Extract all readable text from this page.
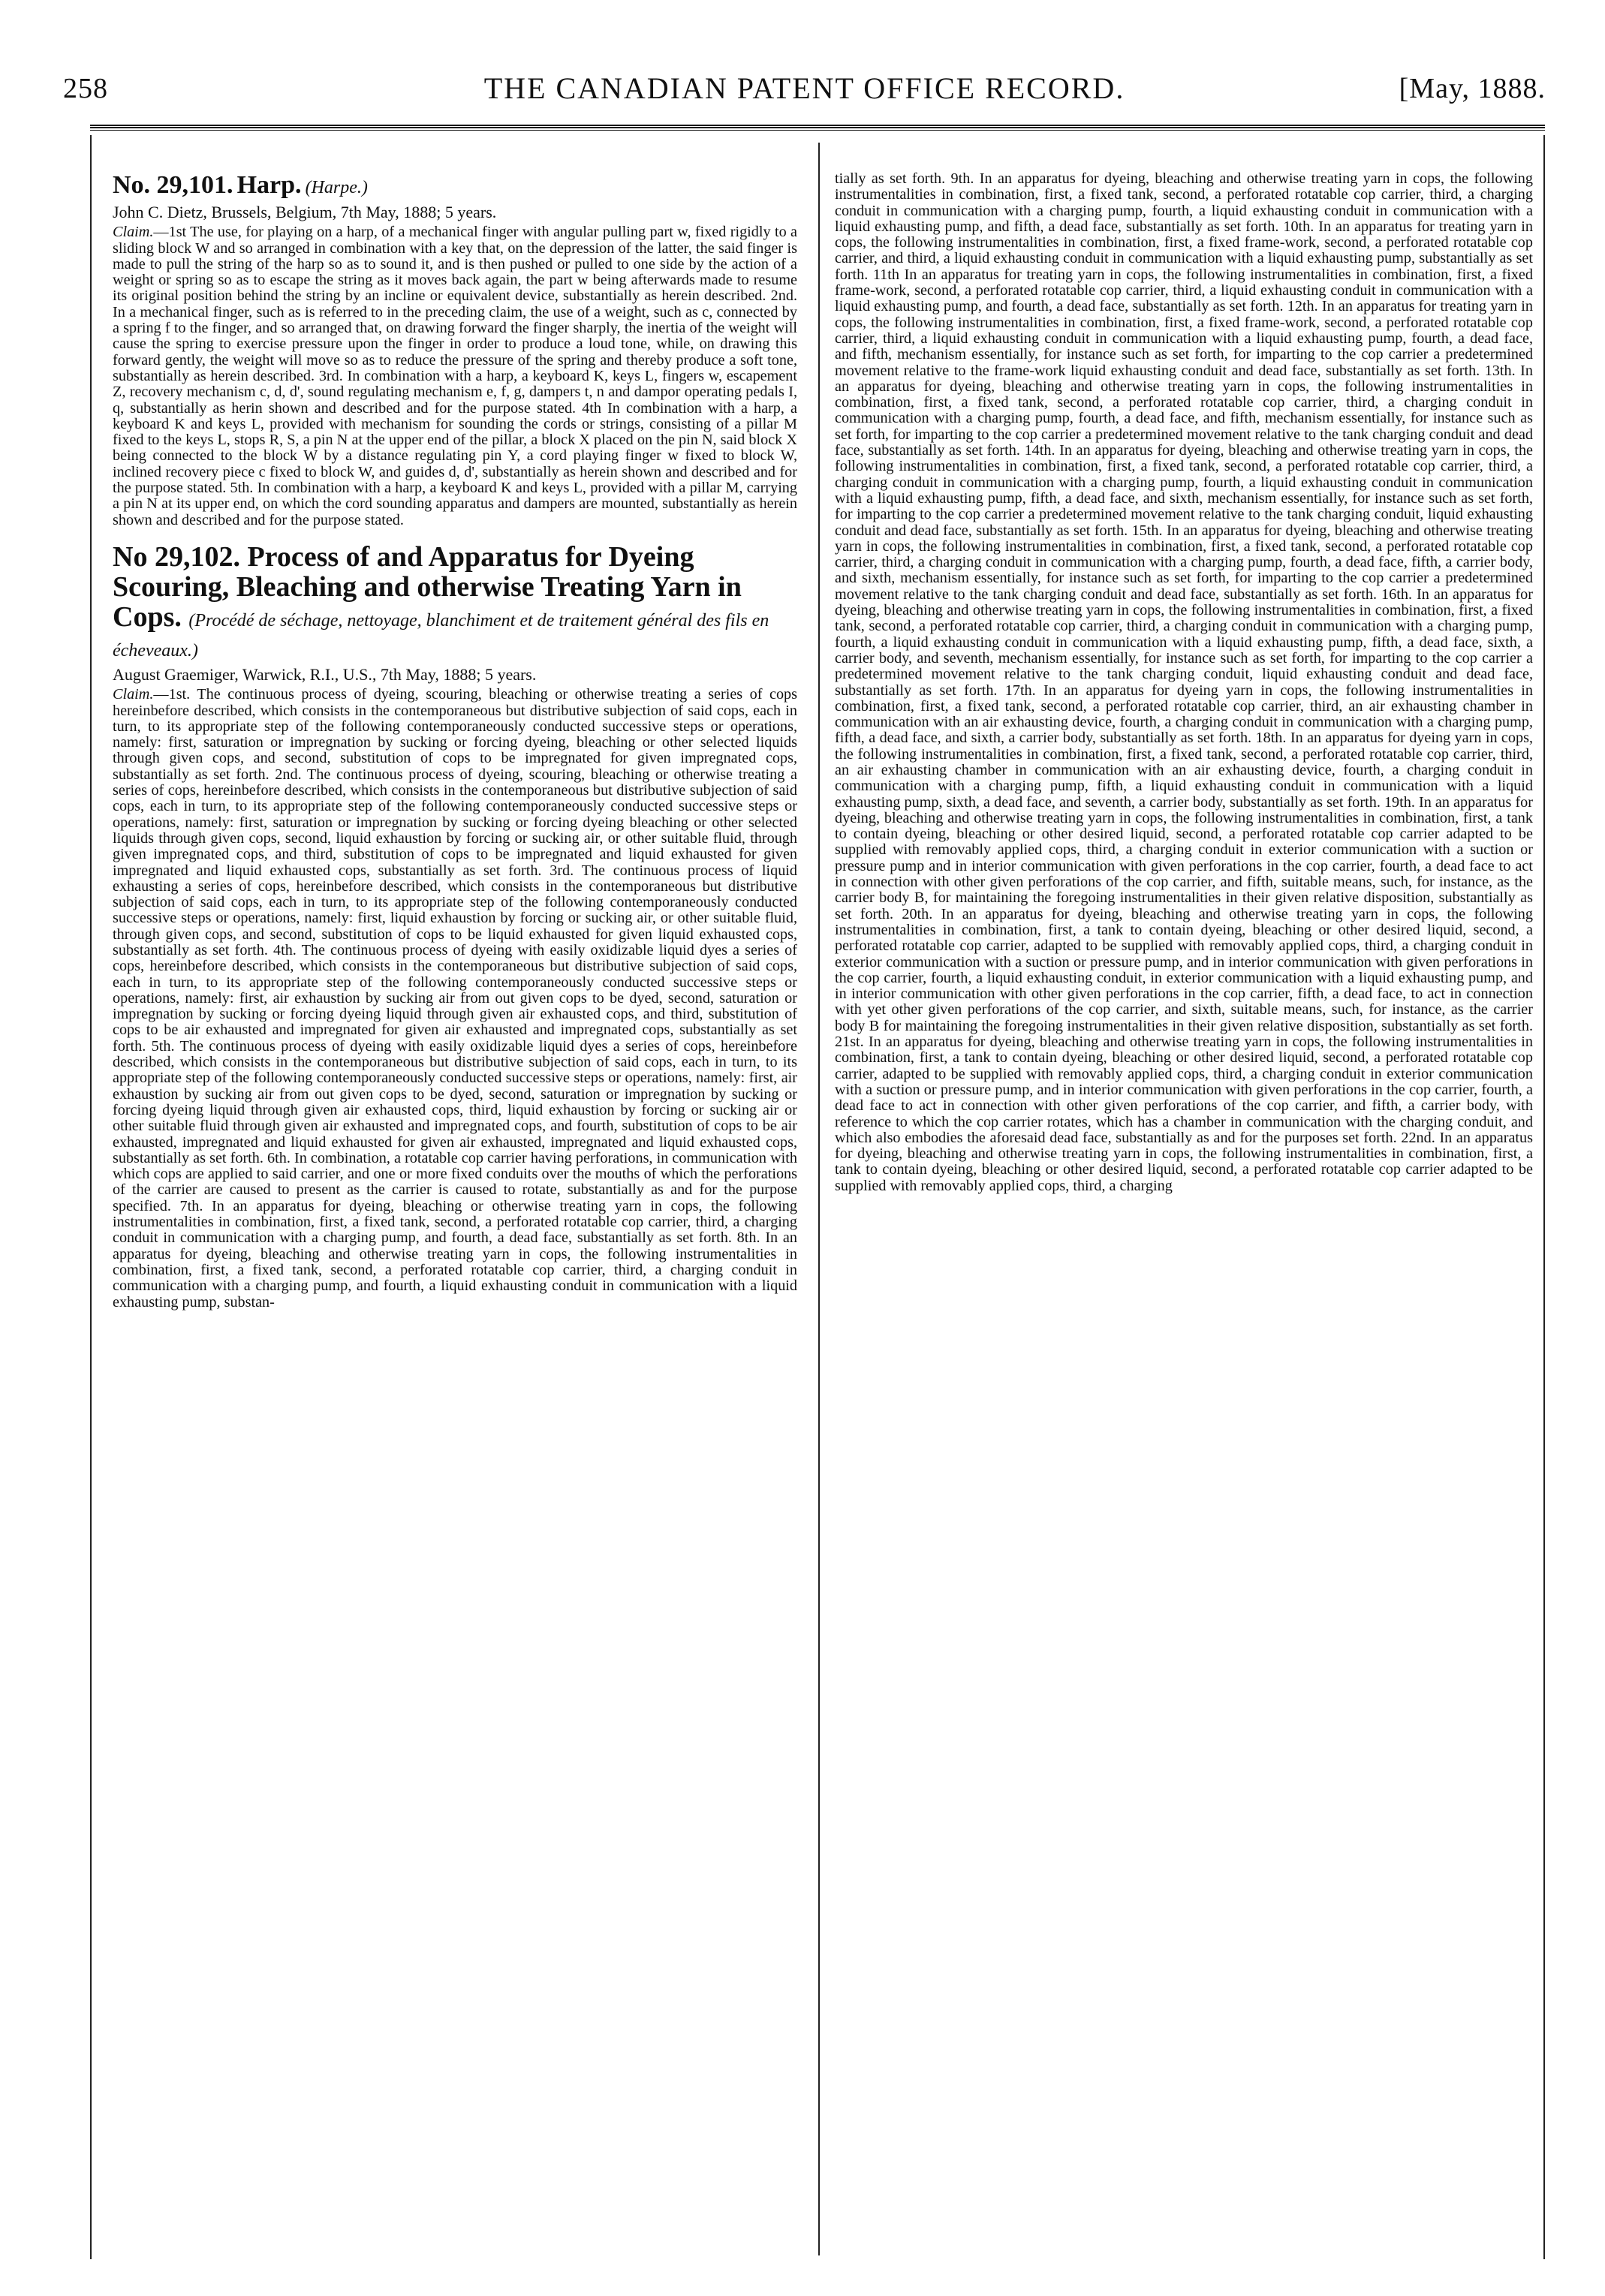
258	THE CANADIAN PATENT OFFICE RECORD.	[May, 1888.
No. 29,101. Harp. (Harpe.)

John C. Dietz, Brussels, Belgium, 7th May, 1888; 5 years.

Claim.—1st The use, for playing on a harp, of a mechanical finger with angular pulling part w, fixed rigidly to a sliding block W and so arranged in combination with a key that, on the depression of the latter, the said finger is made to pull the string of the harp so as to sound it, and is then pushed or pulled to one side by the action of a weight or spring so as to escape the string as it moves back again, the part w being afterwards made to resume its original position behind the string by an incline or equivalent device, substantially as herein described. 2nd. In a mechanical finger, such as is referred to in the preceding claim, the use of a weight, such as c, connected by a spring f to the finger, and so arranged that, on drawing forward the finger sharply, the inertia of the weight will cause the spring to exercise pressure upon the finger in order to produce a loud tone, while, on drawing this forward gently, the weight will move so as to reduce the pressure of the spring and thereby produce a soft tone, substantially as herein described. 3rd. In combination with a harp, a keyboard K, keys L, fingers w, escapement Z, recovery mechanism c, d, d', sound regulating mechanism e, f, g, dampers t, n and dampor operating pedals I, q, substantially as herin shown and described and for the purpose stated. 4th In combination with a harp, a keyboard K and keys L, provided with mechanism for sounding the cords or strings, consisting of a pillar M fixed to the keys L, stops R, S, a pin N at the upper end of the pillar, a block X placed on the pin N, said block X being connected to the block W by a distance regulating pin Y, a cord playing finger w fixed to block W, inclined recovery piece c fixed to block W, and guides d, d', substantially as herein shown and described and for the purpose stated. 5th. In combination with a harp, a keyboard K and keys L, provided with a pillar M, carrying a pin N at its upper end, on which the cord sounding apparatus and dampers are mounted, substantially as herein shown and described and for the purpose stated.

No 29,102. Process of and Apparatus for Dyeing Scouring, Bleaching and otherwise Treating Yarn in Cops. (Procédé de séchage, nettoyage, blanchiment et de traitement général des fils en écheveaux.)

August Graemiger, Warwick, R.I., U.S., 7th May, 1888; 5 years.

Claim.—1st. The continuous process of dyeing, scouring, bleaching or otherwise treating a series of cops hereinbefore described, which consists in the contemporaneous but distributive subjection of said cops, each in turn, to its appropriate step of the following contemporaneously conducted successive steps or operations, namely: first, saturation or impregnation by sucking or forcing dyeing, bleaching or other selected liquids through given cops, and second, substitution of cops to be impregnated for given impregnated cops, substantially as set forth. 2nd. The continuous process of dyeing, scouring, bleaching or otherwise treating a series of cops, hereinbefore described, which consists in the contemporaneous but distributive subjection of said cops, each in turn, to its appropriate step of the following contemporaneously conducted successive steps or operations, namely: first, saturation or impregnation by sucking or forcing dyeing bleaching or other selected liquids through given cops, second, liquid exhaustion by forcing or sucking air, or other suitable fluid, through given impregnated cops, and third, substitution of cops to be impregnated and liquid exhausted for given impregnated and liquid exhausted cops, substantially as set forth. 3rd. The continuous process of liquid exhausting a series of cops, hereinbefore described, which consists in the contemporaneous but distributive subjection of said cops, each in turn, to its appropriate step of the following contemporaneously conducted successive steps or operations, namely: first, liquid exhaustion by forcing or sucking air, or other suitable fluid, through given cops, and second, substitution of cops to be liquid exhausted for given liquid exhausted cops, substantially as set forth. 4th. The continuous process of dyeing with easily oxidizable liquid dyes a series of cops, hereinbefore described, which consists in the contemporaneous but distributive subjection of said cops, each in turn, to its appropriate step of the following contemporaneously conducted successive steps or operations, namely: first, air exhaustion by sucking air from out given cops to be dyed, second, saturation or impregnation by sucking or forcing dyeing liquid through given air exhausted cops, and third, substitution of cops to be air exhausted and impregnated for given air exhausted and impregnated cops, substantially as set forth. 5th. The continuous process of dyeing with easily oxidizable liquid dyes a series of cops, hereinbefore described, which consists in the contemporaneous but distributive subjection of said cops, each in turn, to its appropriate step of the following contemporaneously conducted successive steps or operations, namely: first, air exhaustion by sucking air from out given cops to be dyed, second, saturation or impregnation by sucking or forcing dyeing liquid through given air exhausted cops, third, liquid exhaustion by forcing or sucking air or other suitable fluid through given air exhausted and impregnated cops, and fourth, substitution of cops to be air exhausted, impregnated and liquid exhausted for given air exhausted, impregnated and liquid exhausted cops, substantially as set forth. 6th. In combination, a rotatable cop carrier having perforations, in communication with which cops are applied to said carrier, and one or more fixed conduits over the mouths of which the perforations of the carrier are caused to present as the carrier is caused to rotate, substantially as and for the purpose specified. 7th. In an apparatus for dyeing, bleaching or otherwise treating yarn in cops, the following instrumentalities in combination, first, a fixed tank, second, a perforated rotatable cop carrier, third, a charging conduit in communication with a charging pump, and fourth, a dead face, substantially as set forth. 8th. In an apparatus for dyeing, bleaching and otherwise treating yarn in cops, the following instrumentalities in combination, first, a fixed tank, second, a perforated rotatable cop carrier, third, a charging conduit in communication with a charging pump, and fourth, a liquid exhausting conduit in communication with a liquid exhausting pump, substan-

tially as set forth. 9th. In an apparatus for dyeing, bleaching and otherwise treating yarn in cops, the following instrumentalities in combination, first, a fixed tank, second, a perforated rotatable cop carrier, third, a charging conduit in communication with a charging pump, fourth, a liquid exhausting conduit in communication with a liquid exhausting pump, and fifth, a dead face, substantially as set forth. 10th. In an apparatus for treating yarn in cops, the following instrumentalities in combination, first, a fixed frame-work, second, a perforated rotatable cop carrier, and third, a liquid exhausting conduit in communication with a liquid exhausting pump, substantially as set forth. 11th In an apparatus for treating yarn in cops, the following instrumentalities in combination, first, a fixed frame-work, second, a perforated rotatable cop carrier, third, a liquid exhausting conduit in communication with a liquid exhausting pump, and fourth, a dead face, substantially as set forth. 12th. In an apparatus for treating yarn in cops, the following instrumentalities in combination, first, a fixed frame-work, second, a perforated rotatable cop carrier, third, a liquid exhausting conduit in communication with a liquid exhausting pump, fourth, a dead face, and fifth, mechanism essentially, for instance such as set forth, for imparting to the cop carrier a predetermined movement relative to the frame-work liquid exhausting conduit and dead face, substantially as set forth. 13th. In an apparatus for dyeing, bleaching and otherwise treating yarn in cops, the following instrumentalities in combination, first, a fixed tank, second, a perforated rotatable cop carrier, third, a charging conduit in communication with a charging pump, fourth, a dead face, and fifth, mechanism essentially, for instance such as set forth, for imparting to the cop carrier a predetermined movement relative to the tank charging conduit and dead face, substantially as set forth. 14th. In an apparatus for dyeing, bleaching and otherwise treating yarn in cops, the following instrumentalities in combination, first, a fixed tank, second, a perforated rotatable cop carrier, third, a charging conduit in communication with a charging pump, fourth, a liquid exhausting conduit in communication with a liquid exhausting pump, fifth, a dead face, and sixth, mechanism essentially, for instance such as set forth, for imparting to the cop carrier a predetermined movement relative to the tank charging conduit, liquid exhausting conduit and dead face, substantially as set forth. 15th. In an apparatus for dyeing, bleaching and otherwise treating yarn in cops, the following instrumentalities in combination, first, a fixed tank, second, a perforated rotatable cop carrier, third, a charging conduit in communication with a charging pump, fourth, a dead face, fifth, a carrier body, and sixth, mechanism essentially, for instance such as set forth, for imparting to the cop carrier a predetermined movement relative to the tank charging conduit and dead face, substantially as set forth. 16th. In an apparatus for dyeing, bleaching and otherwise treating yarn in cops, the following instrumentalities in combination, first, a fixed tank, second, a perforated rotatable cop carrier, third, a charging conduit in communication with a charging pump, fourth, a liquid exhausting conduit in communication with a liquid exhausting pump, fifth, a dead face, sixth, a carrier body, and seventh, mechanism essentially, for instance such as set forth, for imparting to the cop carrier a predetermined movement relative to the tank charging conduit, liquid exhausting conduit and dead face, substantially as set forth. 17th. In an apparatus for dyeing yarn in cops, the following instrumentalities in combination, first, a fixed tank, second, a perforated rotatable cop carrier, third, an air exhausting chamber in communication with an air exhausting device, fourth, a charging conduit in communication with a charging pump, fifth, a dead face, and sixth, a carrier body, substantially as set forth. 18th. In an apparatus for dyeing yarn in cops, the following instrumentalities in combination, first, a fixed tank, second, a perforated rotatable cop carrier, third, an air exhausting chamber in communication with an air exhausting device, fourth, a charging conduit in communication with a charging pump, fifth, a liquid exhausting conduit in communication with a liquid exhausting pump, sixth, a dead face, and seventh, a carrier body, substantially as set forth. 19th. In an apparatus for dyeing, bleaching and otherwise treating yarn in cops, the following instrumentalities in combination, first, a tank to contain dyeing, bleaching or other desired liquid, second, a perforated rotatable cop carrier adapted to be supplied with removably applied cops, third, a charging conduit in exterior communication with a suction or pressure pump and in interior communication with given perforations in the cop carrier, fourth, a dead face to act in connection with other given perforations of the cop carrier, and fifth, suitable means, such, for instance, as the carrier body B, for maintaining the foregoing instrumentalities in their given relative disposition, substantially as set forth. 20th. In an apparatus for dyeing, bleaching and otherwise treating yarn in cops, the following instrumentalities in combination, first, a tank to contain dyeing, bleaching or other desired liquid, second, a perforated rotatable cop carrier, adapted to be supplied with removably applied cops, third, a charging conduit in exterior communication with a suction or pressure pump, and in interior communication with given perforations in the cop carrier, fourth, a liquid exhausting conduit, in exterior communication with a liquid exhausting pump, and in interior communication with other given perforations in the cop carrier, fifth, a dead face, to act in connection with yet other given perforations of the cop carrier, and sixth, suitable means, such, for instance, as the carrier body B for maintaining the foregoing instrumentalities in their given relative disposition, substantially as set forth. 21st. In an apparatus for dyeing, bleaching and otherwise treating yarn in cops, the following instrumentalities in combination, first, a tank to contain dyeing, bleaching or other desired liquid, second, a perforated rotatable cop carrier, adapted to be supplied with removably applied cops, third, a charging conduit in exterior communication with a suction or pressure pump, and in interior communication with given perforations in the cop carrier, fourth, a dead face to act in connection with other given perforations of the cop carrier, and fifth, a carrier body, with reference to which the cop carrier rotates, which has a chamber in communication with the charging conduit, and which also embodies the aforesaid dead face, substantially as and for the purposes set forth. 22nd. In an apparatus for dyeing, bleaching and otherwise treating yarn in cops, the following instrumentalities in combination, first, a tank to contain dyeing, bleaching or other desired liquid, second, a perforated rotatable cop carrier adapted to be supplied with removably applied cops, third, a charging
